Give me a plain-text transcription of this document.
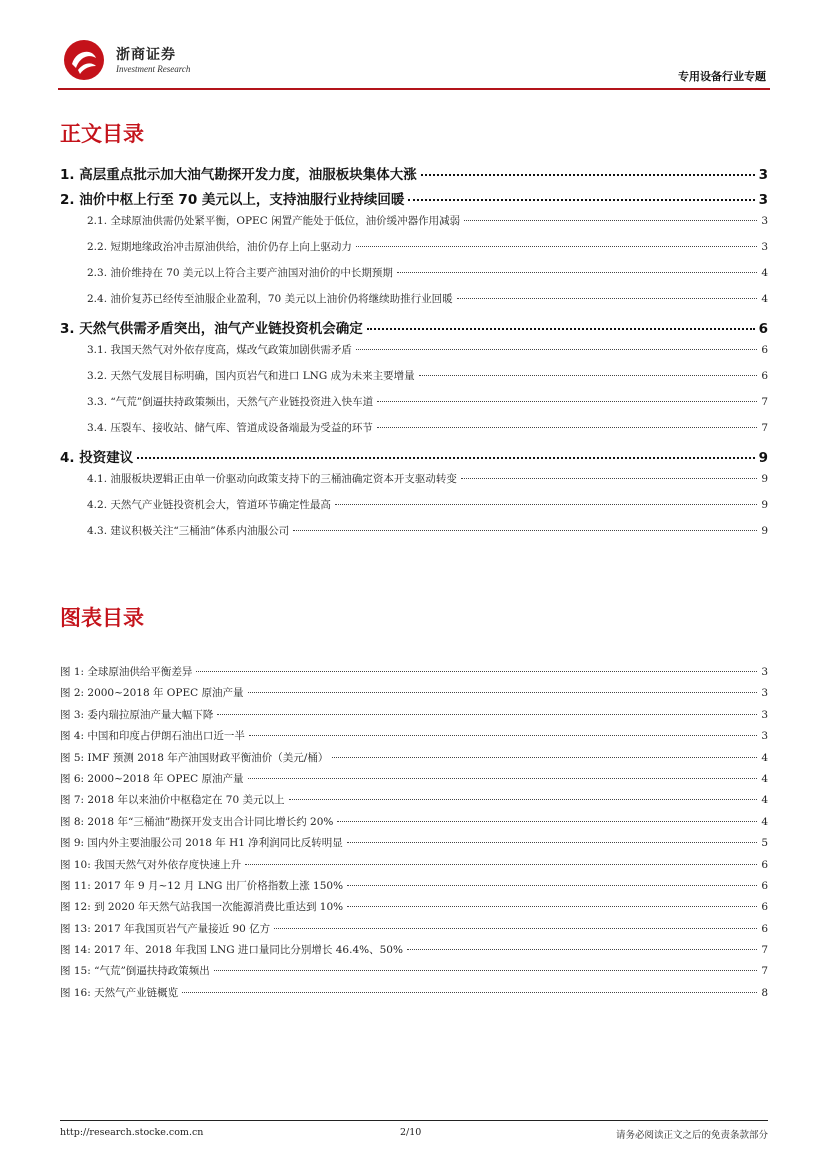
浙商证券
Investment Research
专用设备行业专题
正文目录
1. 高层重点批示加大油气勘探开发力度，油服板块集体大涨	3
2. 油价中枢上行至 70 美元以上，支持油服行业持续回暖	3
2.1. 全球原油供需仍处紧平衡，OPEC 闲置产能处于低位，油价缓冲器作用减弱	3
2.2. 短期地缘政治冲击原油供给，油价仍存上向上驱动力	3
2.3. 油价维持在 70 美元以上符合主要产油国对油价的中长期预期	4
2.4. 油价复苏已经传至油服企业盈利，70 美元以上油价仍将继续助推行业回暖	4
3. 天然气供需矛盾突出，油气产业链投资机会确定	6
3.1. 我国天然气对外依存度高，煤改气政策加剧供需矛盾	6
3.2. 天然气发展目标明确，国内页岩气和进口 LNG 成为未来主要增量	6
3.3. “气荒”倒逼扶持政策频出，天然气产业链投资进入快车道	7
3.4. 压裂车、接收站、储气库、管道成设备端最为受益的环节	7
4. 投资建议	9
4.1. 油服板块逻辑正由单一价驱动向政策支持下的三桶油确定资本开支驱动转变	9
4.2. 天然气产业链投资机会大，管道环节确定性最高	9
4.3. 建议积极关注“三桶油”体系内油服公司	9
图表目录
图 1: 全球原油供给平衡差异	3
图 2: 2000~2018 年 OPEC 原油产量	3
图 3: 委内瑞拉原油产量大幅下降	3
图 4: 中国和印度占伊朗石油出口近一半	3
图 5: IMF 预测 2018 年产油国财政平衡油价（美元/桶）	4
图 6: 2000~2018 年 OPEC 原油产量	4
图 7: 2018 年以来油价中枢稳定在 70 美元以上	4
图 8: 2018 年“三桶油”勘探开发支出合计同比增长约 20%	4
图 9: 国内外主要油服公司 2018 年 H1 净利润同比反转明显	5
图 10: 我国天然气对外依存度快速上升	6
图 11: 2017 年 9 月~12 月 LNG 出厂价格指数上涨 150%	6
图 12: 到 2020 年天然气站我国一次能源消费比重达到 10%	6
图 13: 2017 年我国页岩气产量接近 90 亿方	6
图 14: 2017 年、2018 年我国 LNG 进口量同比分别增长 46.4%、50%	7
图 15: “气荒”倒逼扶持政策频出	7
图 16: 天然气产业链概览	8
http://research.stocke.com.cn	2/10	请务必阅读正文之后的免责条款部分
